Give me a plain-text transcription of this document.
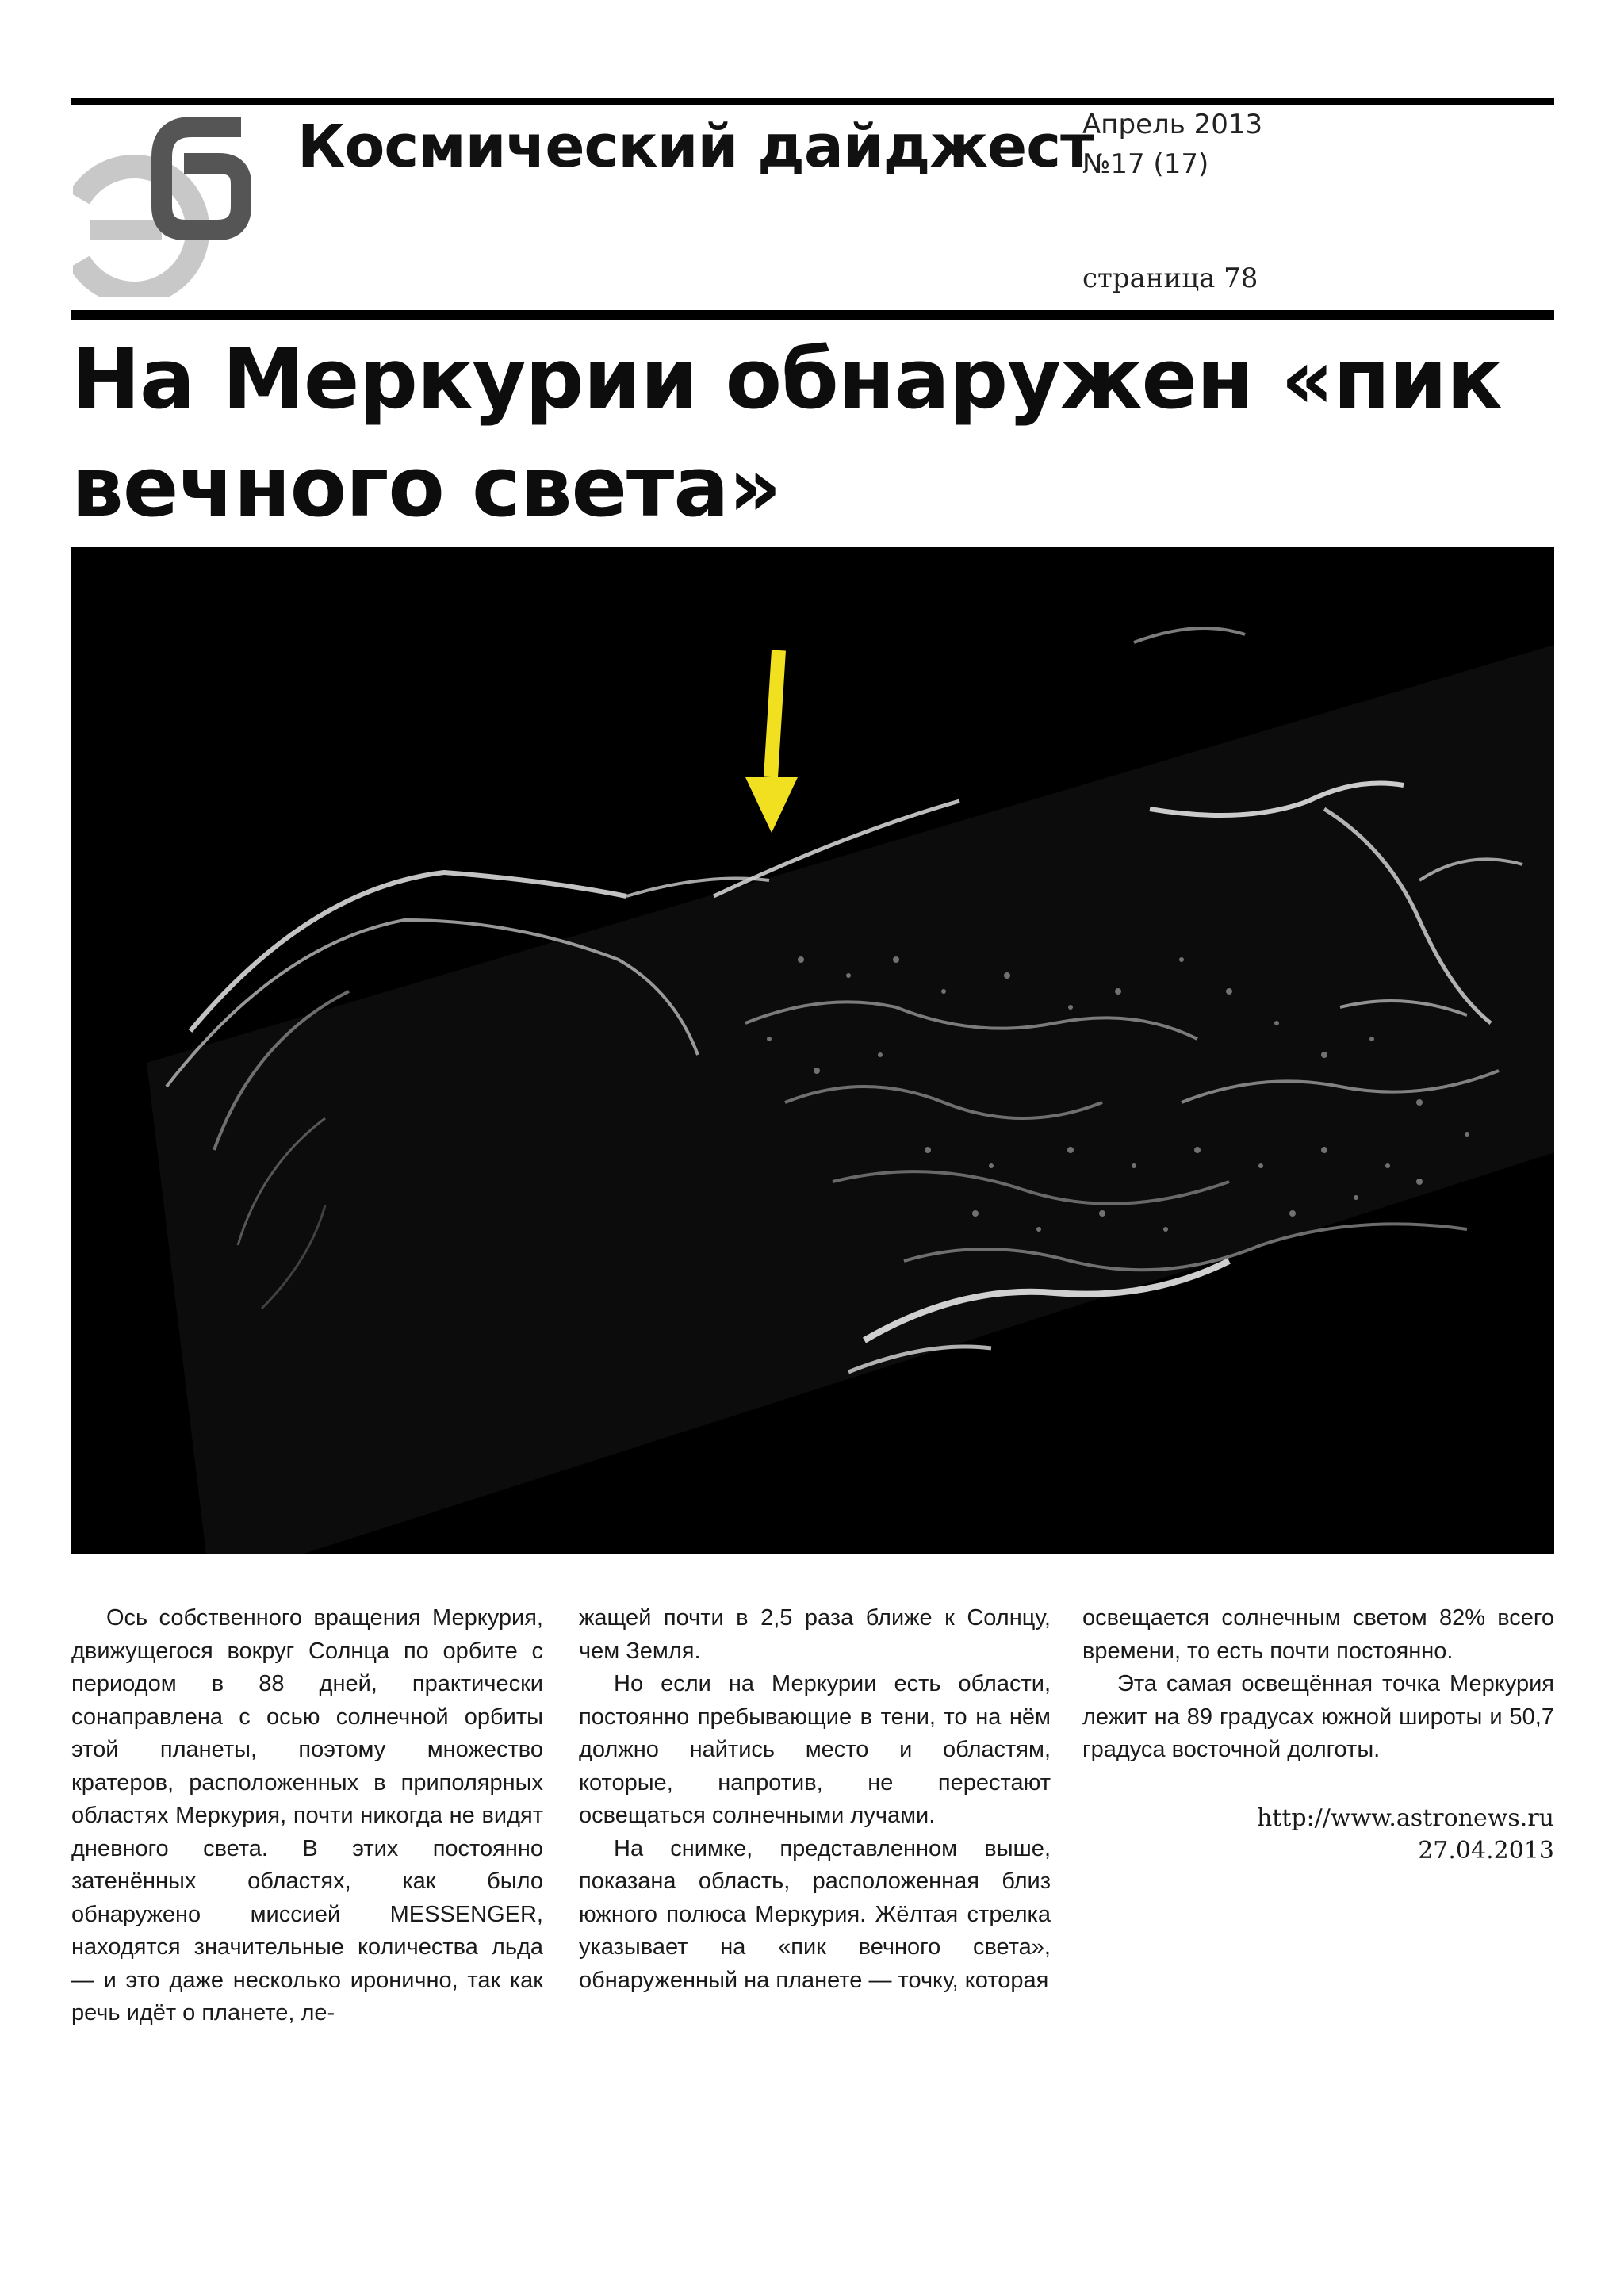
Космический дайджест
Апрель 2013
№17 (17)
страница 78
На Меркурии обнаружен «пик вечного света»

Ось собственного вращения Меркурия, движущегося вокруг Солнца по орбите с периодом в 88 дней, практически сонаправлена с осью солнечной орбиты этой планеты, поэтому множество кратеров, расположенных в приполярных областях Меркурия, почти никогда не видят дневного света. В этих постоянно затенённых областях, как было обнаружено миссией MESSENGER, находятся значительные количества льда — и это даже несколько иронично, так как речь идёт о планете, ле-

жащей почти в 2,5 раза ближе к Солнцу, чем Земля.

Но если на Меркурии есть области, постоянно пребывающие в тени, то на нём должно найтись место и областям, которые, напротив, не перестают освещаться солнечными лучами.

На снимке, представленном выше, показана область, расположенная близ южного полюса Меркурия. Жёлтая стрелка указывает на «пик вечного света», обнаруженный на планете — точку, которая

освещается солнечным светом 82% всего времени, то есть почти постоянно.

Эта самая освещённая точка Меркурия лежит на 89 градусах южной широты и 50,7 градуса восточной долготы.

http://www.astronews.ru
27.04.2013
